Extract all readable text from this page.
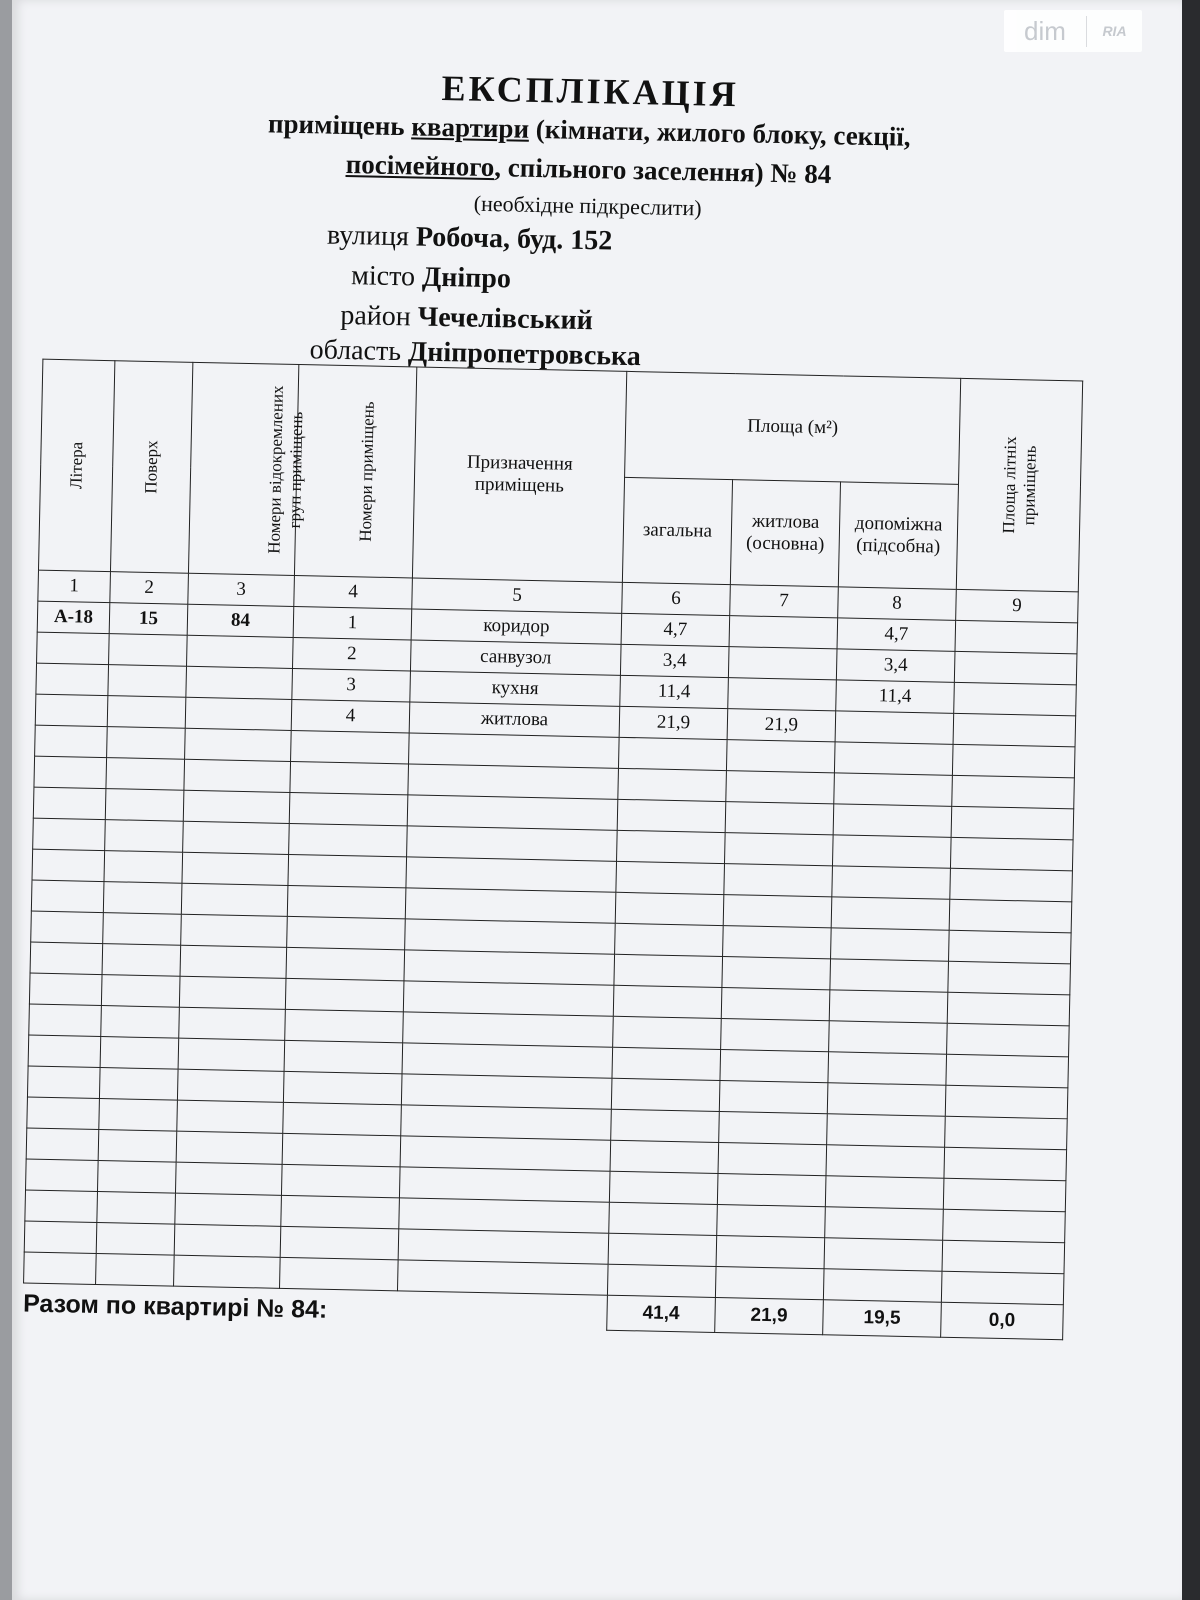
dim	RIA
ЕКСПЛІКАЦІЯ
приміщень квартири (кімнати, жилого блоку, секції,
посімейного, спільного заселення) № 84
(необхідне підкреслити)
вулиця Робоча, буд. 152
місто Дніпро
район Чечелівський
область Дніпропетровська
Літера	Поверх	Номери відокремлених груп приміщень	Номери приміщень	Призначення приміщень	Площа (м²)			Площа літніх приміщень
					загальна	житлова (основна)	допоміжна (підсобна)	
1	2	3	4	5	6	7	8	9
А-18	15	84	1	коридор	4,7		4,7	
			2	санвузол	3,4		3,4	
			3	кухня	11,4		11,4	
			4	житлова	21,9	21,9		

Разом по квартирі № 84:					41,4	21,9	19,5	0,0
